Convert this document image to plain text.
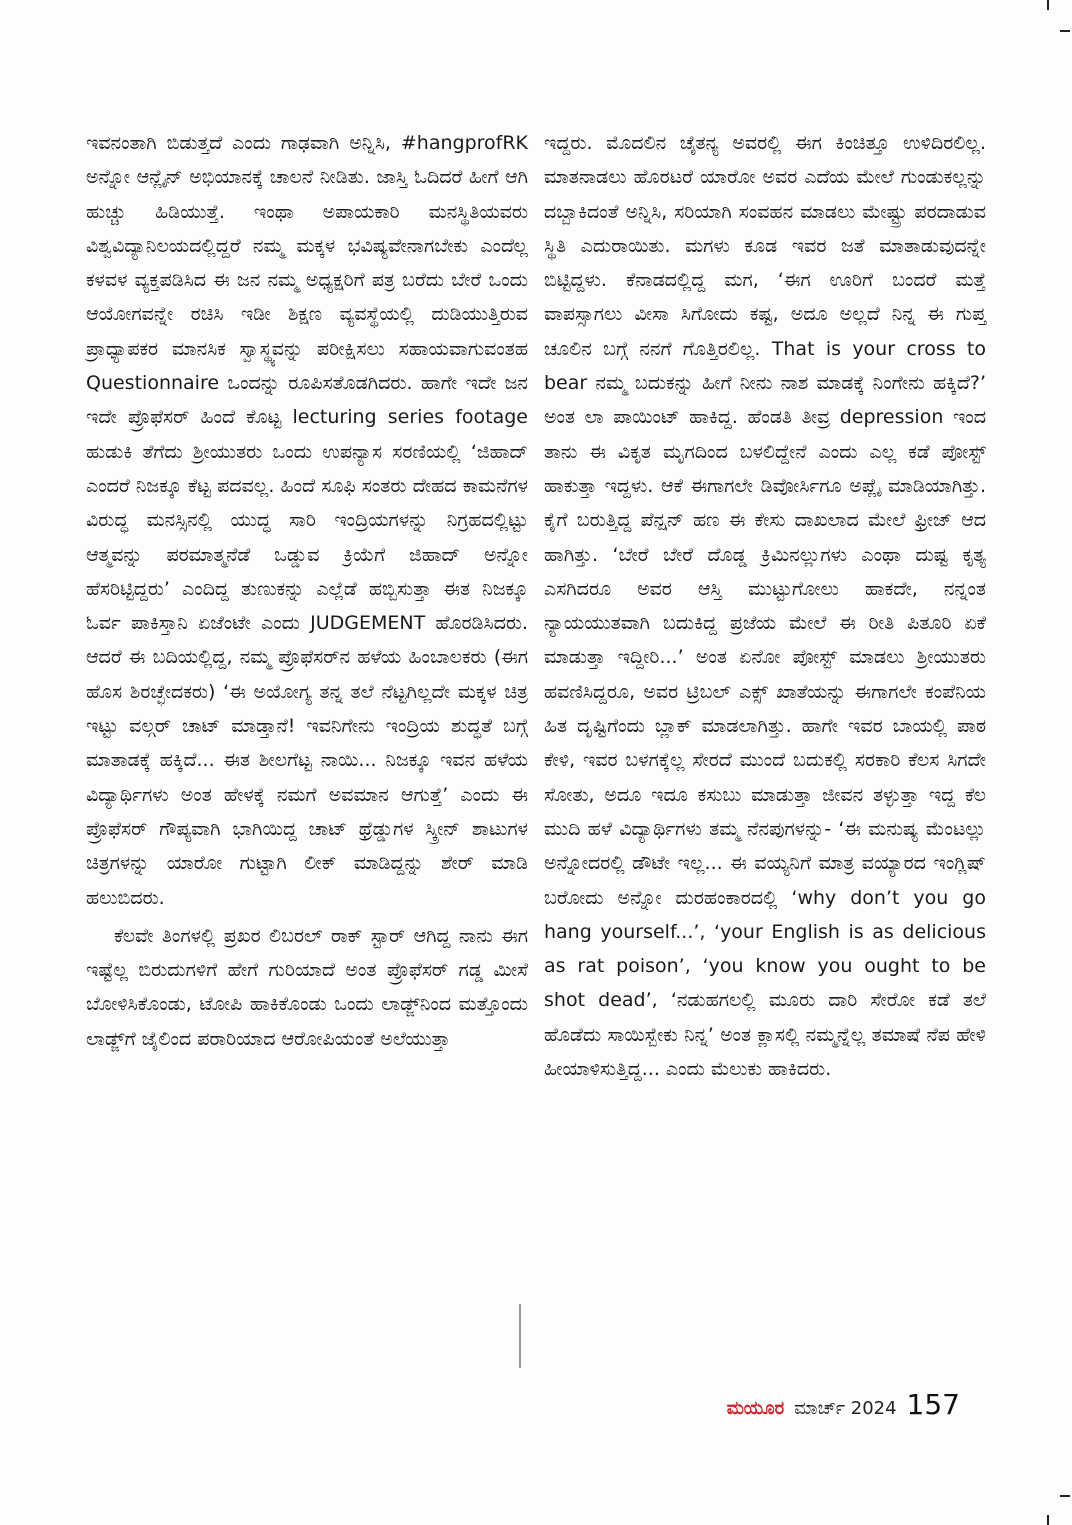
ಇವನಂತಾಗಿ ಬಿಡುತ್ತದೆ ಎಂದು ಗಾಢವಾಗಿ ಅನ್ನಿಸಿ, #hangprofRK ಅನ್ನೋ ಆನ್ಲೈನ್ ಅಭಿಯಾನಕ್ಕೆ ಚಾಲನೆ ನೀಡಿತು. ಜಾಸ್ತಿ ಓದಿದರೆ ಹೀಗೆ ಆಗಿ ಹುಚ್ಚು ಹಿಡಿಯುತ್ತೆ. ಇಂಥಾ ಅಪಾಯಕಾರಿ ಮನಸ್ಥಿತಿಯವರು ವಿಶ್ವವಿದ್ಯಾನಿಲಯದಲ್ಲಿದ್ದರೆ ನಮ್ಮ ಮಕ್ಕಳ ಭವಿಷ್ಯವೇನಾಗಬೇಕು ಎಂದೆಲ್ಲ ಕಳವಳ ವ್ಯಕ್ತಪಡಿಸಿದ ಈ ಜನ ನಮ್ಮ ಅಧ್ಯಕ್ಷರಿಗೆ ಪತ್ರ ಬರೆದು ಬೇರೆ ಒಂದು ಆಯೋಗವನ್ನೇ ರಚಿಸಿ ಇಡೀ ಶಿಕ್ಷಣ ವ್ಯವಸ್ಥೆಯಲ್ಲಿ ದುಡಿಯುತ್ತಿರುವ ಪ್ರಾಧ್ಯಾಪಕರ ಮಾನಸಿಕ ಸ್ವಾಸ್ಥ್ಯವನ್ನು ಪರೀಕ್ಷಿಸಲು ಸಹಾಯವಾಗುವಂತಹ Questionnaire ಒಂದನ್ನು ರೂಪಿಸತೊಡಗಿದರು. ಹಾಗೇ ಇದೇ ಜನ ಇದೇ ಪ್ರೊಫೆಸರ್ ಹಿಂದೆ ಕೊಟ್ಟ lecturing series footage ಹುಡುಕಿ ತೆಗೆದು ಶ್ರೀಯುತರು ಒಂದು ಉಪನ್ಯಾಸ ಸರಣಿಯಲ್ಲಿ ‘ಜಿಹಾದ್ ಎಂದರೆ ನಿಜಕ್ಕೂ ಕೆಟ್ಟ ಪದವಲ್ಲ. ಹಿಂದೆ ಸೂಫಿ ಸಂತರು ದೇಹದ ಕಾಮನೆಗಳ ವಿರುದ್ಧ ಮನಸ್ಸಿನಲ್ಲಿ ಯುದ್ಧ ಸಾರಿ ಇಂದ್ರಿಯಗಳನ್ನು ನಿಗ್ರಹದಲ್ಲಿಟ್ಟು ಆತ್ಮವನ್ನು ಪರಮಾತ್ಮನೆಡೆ ಒಡ್ಡುವ ಕ್ರಿಯೆಗೆ ಜಿಹಾದ್ ಅನ್ನೋ ಹೆಸರಿಟ್ಟಿದ್ದರು’ ಎಂದಿದ್ದ ತುಣುಕನ್ನು ಎಲ್ಲೆಡೆ ಹಬ್ಬಿಸುತ್ತಾ ಈತ ನಿಜಕ್ಕೂ ಓರ್ವ ಪಾಕಿಸ್ತಾನಿ ಏಜೆಂಟೇ ಎಂದು JUDGEMENT ಹೊರಡಿಸಿದರು. ಆದರೆ ಈ ಬದಿಯಲ್ಲಿದ್ದ, ನಮ್ಮ ಪ್ರೊಫೆಸರ್‌ನ ಹಳೆಯ ಹಿಂಬಾಲಕರು (ಈಗ ಹೊಸ ಶಿರಚ್ಛೇದಕರು) ‘ಈ ಅಯೋಗ್ಯ ತನ್ನ ತಲೆ ನೆಟ್ಟಗಿಲ್ಲದೇ ಮಕ್ಕಳ ಚಿತ್ರ ಇಟ್ಟು ವಲ್ಗರ್ ಚಾಟ್ ಮಾಡ್ತಾನೆ! ಇವನಿಗೇನು ಇಂದ್ರಿಯ ಶುದ್ಧತೆ ಬಗ್ಗೆ ಮಾತಾಡಕ್ಕೆ ಹಕ್ಕಿದೆ... ಈತ ಶೀಲಗೆಟ್ಟ ನಾಯಿ... ನಿಜಕ್ಕೂ ಇವನ ಹಳೆಯ ವಿದ್ಯಾರ್ಥಿಗಳು ಅಂತ ಹೇಳಕ್ಕೆ ನಮಗೆ ಅವಮಾನ ಆಗುತ್ತೆ’ ಎಂದು ಈ ಪ್ರೊಫೆಸರ್ ಗೌಪ್ಯವಾಗಿ ಭಾಗಿಯಿದ್ದ ಚಾಟ್ ಥ್ರೆಡ್ಡುಗಳ ಸ್ಕ್ರೀನ್ ಶಾಟುಗಳ ಚಿತ್ರಗಳನ್ನು ಯಾರೋ ಗುಟ್ಟಾಗಿ ಲೀಕ್ ಮಾಡಿದ್ದನ್ನು ಶೇರ್ ಮಾಡಿ ಹಲುಬಿದರು.

ಕೆಲವೇ ತಿಂಗಳಲ್ಲಿ ಪ್ರಖರ ಲಿಬರಲ್ ರಾಕ್ ಸ್ಟಾರ್ ಆಗಿದ್ದ ನಾನು ಈಗ ಇಷ್ಟೆಲ್ಲ ಬಿರುದುಗಳಿಗೆ ಹೇಗೆ ಗುರಿಯಾದೆ ಅಂತ ಪ್ರೊಫೆಸರ್ ಗಡ್ಡ ಮೀಸೆ ಬೋಳಿಸಿಕೊಂಡು, ಟೋಪಿ ಹಾಕಿಕೊಂಡು ಒಂದು ಲಾಡ್ಜ್‌ನಿಂದ ಮತ್ತೊಂದು ಲಾಡ್ಜ್‌ಗೆ ಜೈಲಿಂದ ಪರಾರಿಯಾದ ಆರೋಪಿಯಂತೆ ಅಲೆಯುತ್ತಾ

ಇದ್ದರು. ಮೊದಲಿನ ಚೈತನ್ಯ ಅವರಲ್ಲಿ ಈಗ ಕಿಂಚಿತ್ತೂ ಉಳಿದಿರಲಿಲ್ಲ. ಮಾತನಾಡಲು ಹೊರಟರೆ ಯಾರೋ ಅವರ ಎದೆಯ ಮೇಲೆ ಗುಂಡುಕಲ್ಲನ್ನು ದಬ್ಬಾಕಿದಂತೆ ಅನ್ನಿಸಿ, ಸರಿಯಾಗಿ ಸಂವಹನ ಮಾಡಲು ಮೇಷ್ಟ್ರು ಪರದಾಡುವ ಸ್ಥಿತಿ ಎದುರಾಯಿತು. ಮಗಳು ಕೂಡ ಇವರ ಜತೆ ಮಾತಾಡುವುದನ್ನೇ ಬಿಟ್ಟಿದ್ದಳು. ಕೆನಾಡದಲ್ಲಿದ್ದ ಮಗ, ‘ಈಗ ಊರಿಗೆ ಬಂದರೆ ಮತ್ತೆ ವಾಪಸ್ಸಾಗಲು ವೀಸಾ ಸಿಗೋದು ಕಷ್ಟ, ಅದೂ ಅಲ್ಲದೆ ನಿನ್ನ ಈ ಗುಪ್ತ ಚೂಲಿನ ಬಗ್ಗೆ ನನಗೆ ಗೊತ್ತಿರಲಿಲ್ಲ. That is your cross to bear ನಮ್ಮ ಬದುಕನ್ನು ಹೀಗೆ ನೀನು ನಾಶ ಮಾಡಕ್ಕೆ ನಿಂಗೇನು ಹಕ್ಕಿದೆ?’ ಅಂತ ಲಾ ಪಾಯಿಂಟ್ ಹಾಕಿದ್ದ. ಹೆಂಡತಿ ತೀವ್ರ depression ಇಂದ ತಾನು ಈ ವಿಕೃತ ಮೃಗದಿಂದ ಬಳಲಿದ್ದೇನೆ ಎಂದು ಎಲ್ಲ ಕಡೆ ಪೋಸ್ಟ್ ಹಾಕುತ್ತಾ ಇದ್ದಳು. ಆಕೆ ಈಗಾಗಲೇ ಡಿವೋರ್ಸಿಗೂ ಅಪ್ಲೈ ಮಾಡಿಯಾಗಿತ್ತು. ಕೈಗೆ ಬರುತ್ತಿದ್ದ ಪೆನ್ಷನ್ ಹಣ ಈ ಕೇಸು ದಾಖಲಾದ ಮೇಲೆ ಫ್ರೀಜ್ ಆದ ಹಾಗಿತ್ತು. ‘ಬೇರೆ ಬೇರೆ ದೊಡ್ಡ ಕ್ರಿಮಿನಲ್ಲುಗಳು ಎಂಥಾ ದುಷ್ಟ ಕೃತ್ಯ ಎಸಗಿದರೂ ಅವರ ಆಸ್ತಿ ಮುಟ್ಟುಗೋಲು ಹಾಕದೇ, ನನ್ನಂತ ನ್ಯಾಯಯುತವಾಗಿ ಬದುಕಿದ್ದ ಪ್ರಜೆಯ ಮೇಲೆ ಈ ರೀತಿ ಪಿತೂರಿ ಏಕೆ ಮಾಡುತ್ತಾ ಇದ್ದೀರಿ...’ ಅಂತ ಏನೋ ಪೋಸ್ಟ್ ಮಾಡಲು ಶ್ರೀಯುತರು ಹವಣಿಸಿದ್ದರೂ, ಅವರ ಟ್ರಿಬಲ್ ಎಕ್ಸ್ ಖಾತೆಯನ್ನು ಈಗಾಗಲೇ ಕಂಪೆನಿಯ ಹಿತ ದೃಷ್ಟಿಗೆಂದು ಬ್ಲಾಕ್ ಮಾಡಲಾಗಿತ್ತು. ಹಾಗೇ ಇವರ ಬಾಯಲ್ಲಿ ಪಾಠ ಕೇಳಿ, ಇವರ ಬಳಗಕ್ಕೆಲ್ಲ ಸೇರದೆ ಮುಂದೆ ಬದುಕಲ್ಲಿ ಸರಕಾರಿ ಕೆಲಸ ಸಿಗದೇ ಸೋತು, ಅದೂ ಇದೂ ಕಸುಬು ಮಾಡುತ್ತಾ ಜೀವನ ತಳ್ಳುತ್ತಾ ಇದ್ದ ಕೆಲ ಮುದಿ ಹಳೆ ವಿದ್ಯಾರ್ಥಿಗಳು ತಮ್ಮ ನೆನಪುಗಳನ್ನು- ‘ಈ ಮನುಷ್ಯ ಮೆಂಟಲ್ಲು ಅನ್ನೋದರಲ್ಲಿ ಡೌಟೇ ಇಲ್ಲ... ಈ ವಯ್ಯನಿಗೆ ಮಾತ್ರ ವಯ್ಯಾರದ ಇಂಗ್ಲಿಷ್ ಬರೋದು ಅನ್ನೋ ದುರಹಂಕಾರದಲ್ಲಿ ‘why don’t you go hang yourself...’, ‘your English is as delicious as rat poison’, ‘you know you ought to be shot dead’, ‘ನಡುಹಗಲಲ್ಲಿ ಮೂರು ದಾರಿ ಸೇರೋ ಕಡೆ ತಲೆ ಹೊಡೆದು ಸಾಯಿಸ್ಬೇಕು ನಿನ್ನ’ ಅಂತ ಕ್ಲಾಸಲ್ಲಿ ನಮ್ಮನ್ನೆಲ್ಲ ತಮಾಷೆ ನೆಪ ಹೇಳಿ ಹೀಯಾಳಿಸುತ್ತಿದ್ದ... ಎಂದು ಮೆಲುಕು ಹಾಕಿದರು.

ಮಯೂರ ಮಾರ್ಚ್ 2024 157
